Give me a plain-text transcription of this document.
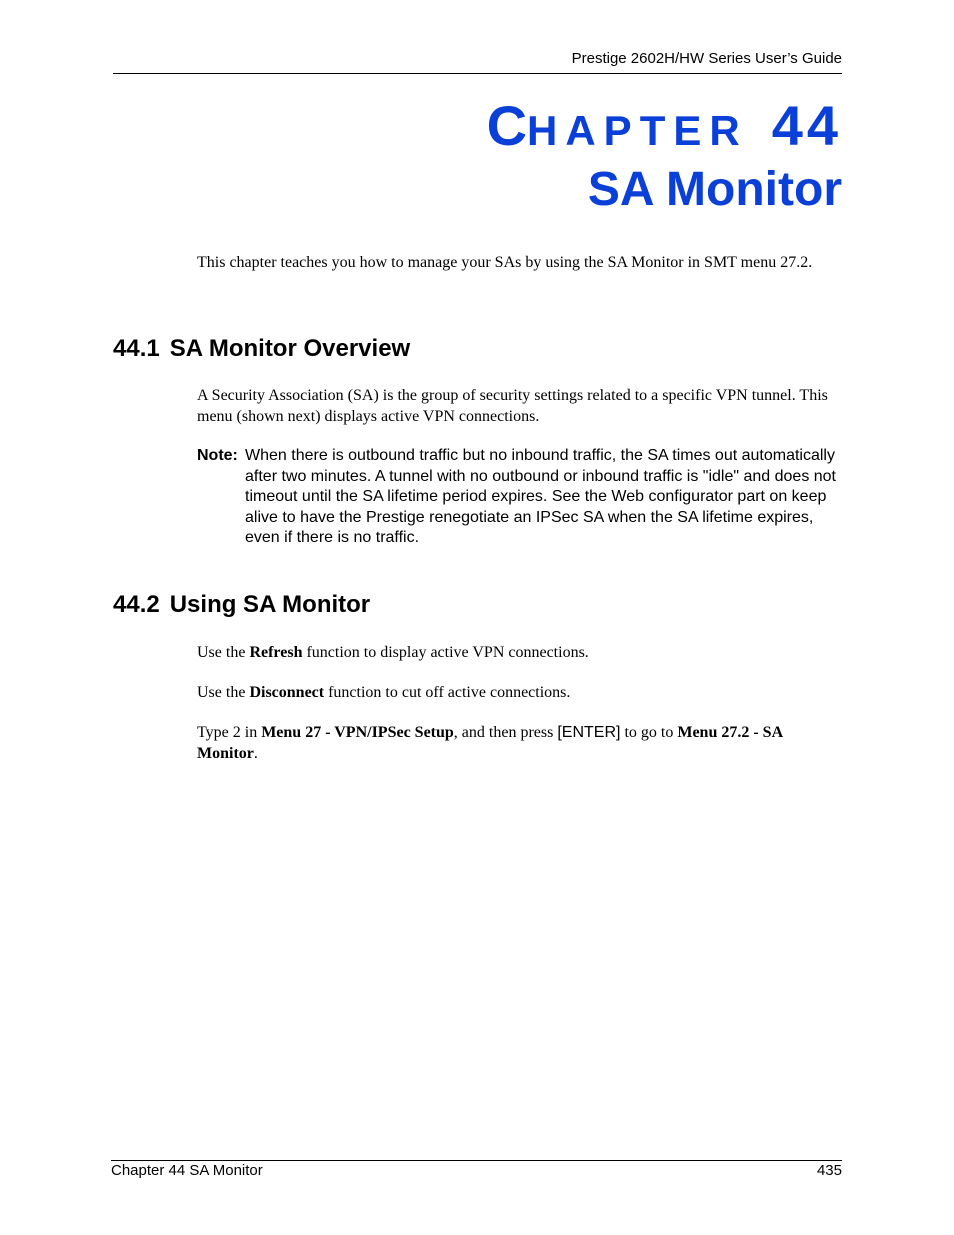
Prestige 2602H/HW Series User’s Guide
CHAPTER 44
SA Monitor
This chapter teaches you how to manage your SAs by using the SA Monitor in SMT menu 27.2.
44.1 SA Monitor Overview
A Security Association (SA) is the group of security settings related to a specific VPN tunnel. This menu (shown next) displays active VPN connections.
Note: When there is outbound traffic but no inbound traffic, the SA times out automatically after two minutes. A tunnel with no outbound or inbound traffic is "idle" and does not timeout until the SA lifetime period expires. See the Web configurator part on keep alive to have the Prestige renegotiate an IPSec SA when the SA lifetime expires, even if there is no traffic.
44.2 Using SA Monitor
Use the Refresh function to display active VPN connections.
Use the Disconnect function to cut off active connections.
Type 2 in Menu 27 - VPN/IPSec Setup, and then press [ENTER] to go to Menu 27.2 - SA Monitor.
Chapter 44 SA Monitor	435
